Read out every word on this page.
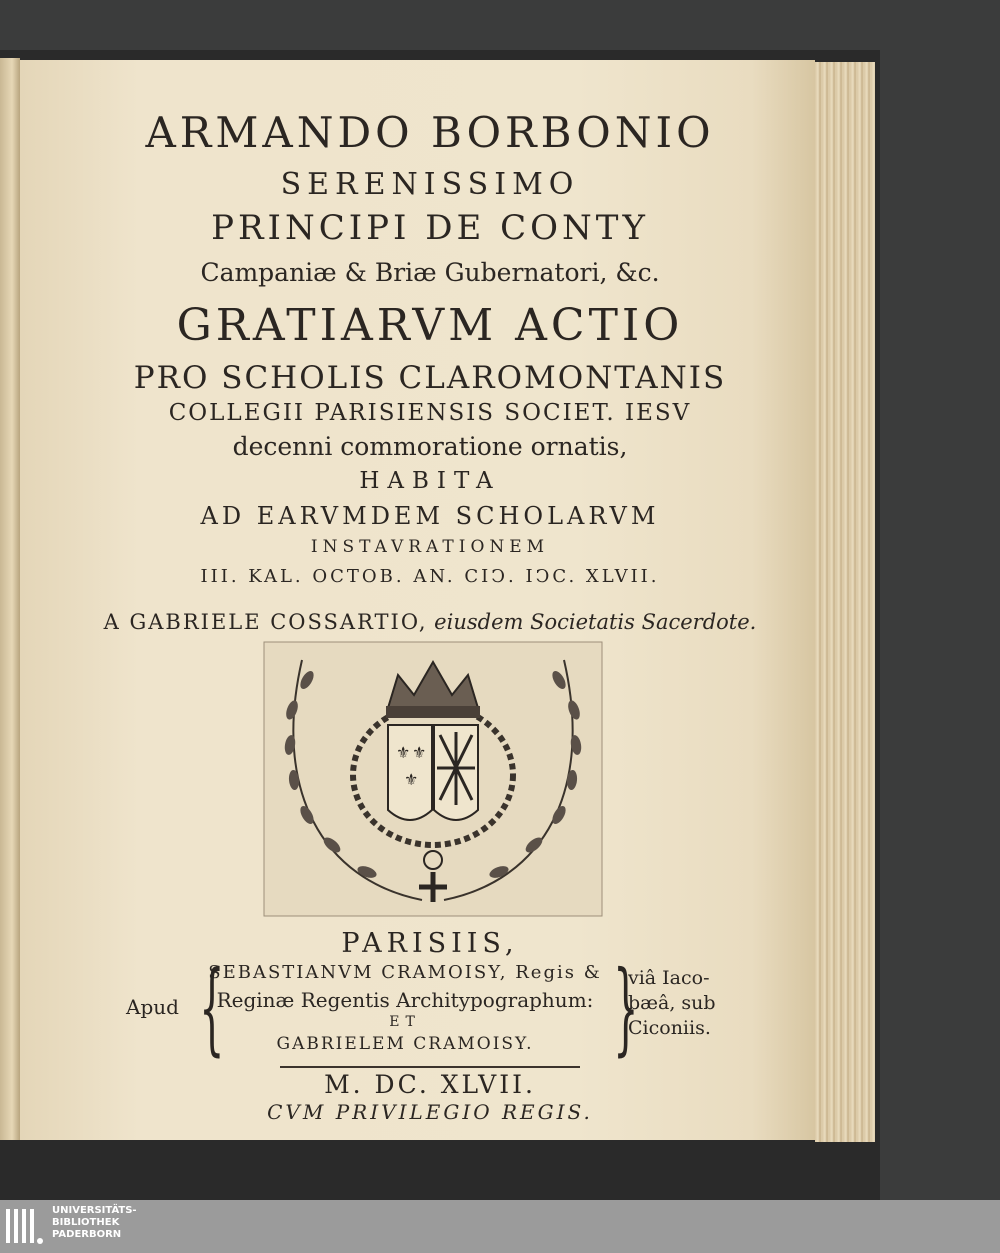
ARMANDO BORBONIO
SERENISSIMO
PRINCIPI DE CONTY
Campaniæ & Briæ Gubernatori, &c.
GRATIARVM ACTIO
PRO SCHOLIS CLAROMONTANIS
COLLEGII PARISIENSIS SOCIET. IESV
decenni commoratione ornatis,
HABITA
AD EARVMDEM SCHOLARVM
INSTAVRATIONEM
III. KAL. OCTOB. AN. CIↃ. IↃC. XLVII.
A GABRIELE COSSARTIO, eiusdem Societatis Sacerdote.
⚜ ⚜
⚜
PARISIIS,
Apud {	}
SEBASTIANVM CRAMOISY, Regis &
Reginæ Regentis Architypographum:
ET
GABRIELEM CRAMOISY.
viâ Iaco-
bæâ, sub
Ciconiis.
M. DC. XLVII.
CVM PRIVILEGIO REGIS.
UNIVERSITÄTS-
BIBLIOTHEK
PADERBORN
